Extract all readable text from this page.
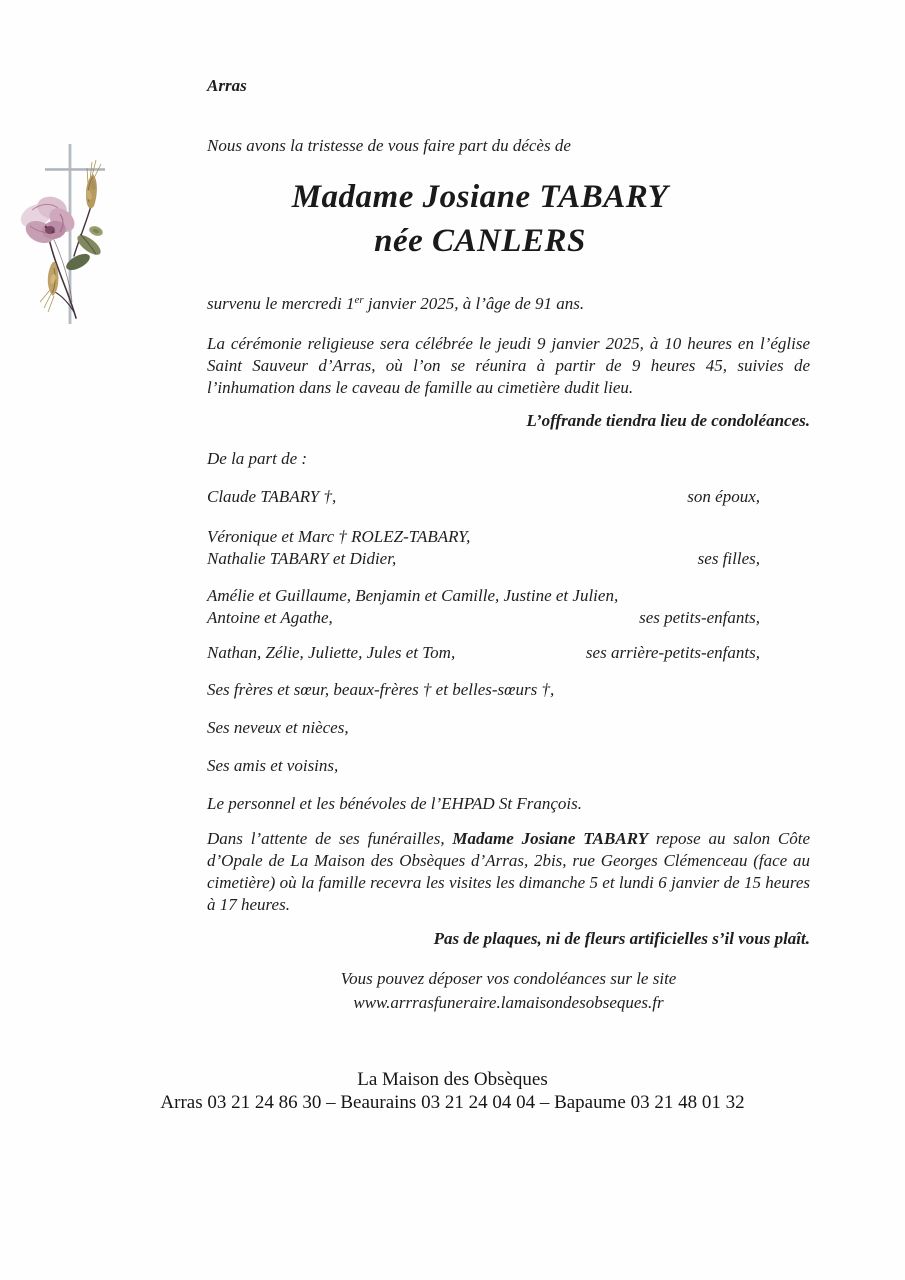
Arras
Nous avons la tristesse de vous faire part du décès de
Madame Josiane TABARY
née CANLERS
survenu le mercredi 1er janvier 2025, à l’âge de 91 ans.
La cérémonie religieuse sera célébrée le jeudi 9 janvier 2025, à 10 heures en l’église Saint Sauveur d’Arras, où l’on se réunira à partir de 9 heures 45, suivies de l’inhumation dans le caveau de famille au cimetière dudit lieu.
L’offrande tiendra lieu de condoléances.
De la part de :
Claude TABARY †,	son époux,
Véronique et Marc † ROLEZ-TABARY,
Nathalie TABARY et Didier,	ses filles,
Amélie et Guillaume, Benjamin et Camille, Justine et Julien,
Antoine et Agathe,	ses petits-enfants,
Nathan, Zélie, Juliette, Jules et Tom,	ses arrière-petits-enfants,
Ses frères et sœur, beaux-frères † et belles-sœurs †,
Ses neveux et nièces,
Ses amis et voisins,
Le personnel et les bénévoles de l’EHPAD St François.
Dans l’attente de ses funérailles, Madame Josiane TABARY repose au salon Côte d’Opale de La Maison des Obsèques d’Arras, 2bis, rue Georges Clémenceau (face au cimetière) où la famille recevra les visites les dimanche 5 et lundi 6 janvier de 15 heures à 17 heures.
Pas de plaques, ni de fleurs artificielles s’il vous plaît.
Vous pouvez déposer vos condoléances sur le site
www.arrrasfuneraire.lamaisondesobseques.fr
La Maison des Obsèques
Arras 03 21 24 86 30 – Beaurains 03 21 24 04 04 – Bapaume 03 21 48 01 32
